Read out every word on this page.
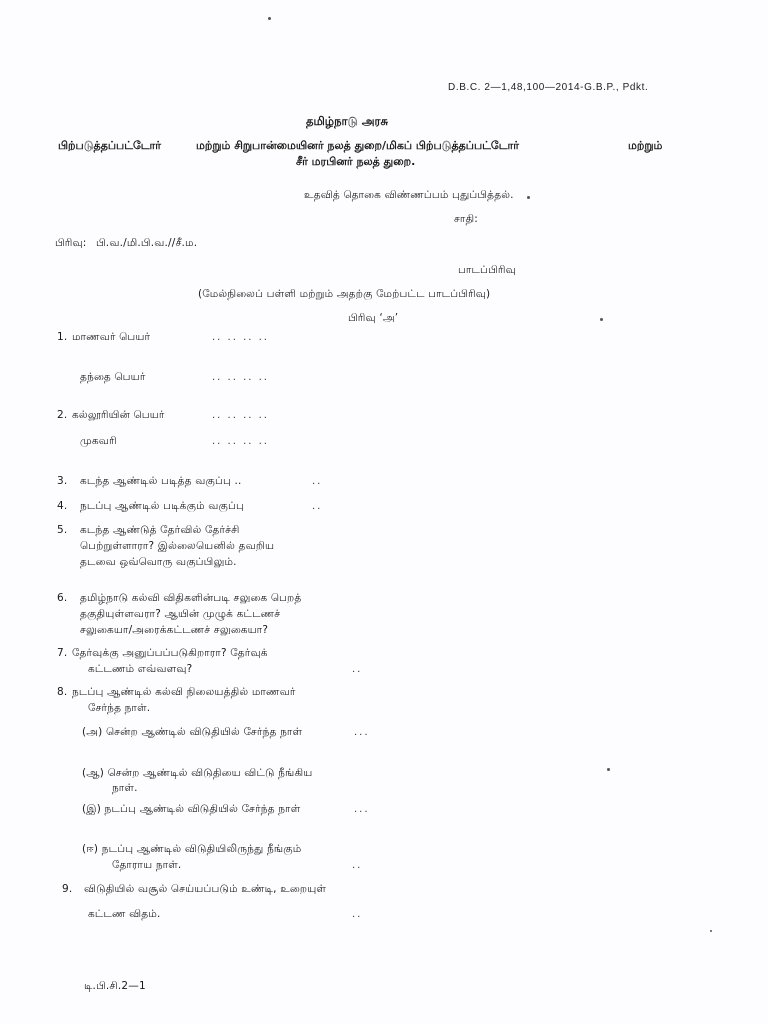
D.B.C. 2—1,48,100—2014-G.B.P., Pdkt.
தமிழ்நாடு அரசு
பிற்படுத்தப்பட்டோர்	மற்றும் சிறுபான்மையினர் நலத் துறை/மிகப் பிற்படுத்தப்பட்டோர்	மற்றும்
சீர் மரபினர் நலத் துறை.
உதவித் தொகை விண்ணப்பம் புதுப்பித்தல்.
சாதி:
பிரிவு: பி.வ./மி.பி.வ.//சீ.ம.
பாடப்பிரிவு
(மேல்நிலைப் பள்ளி மற்றும் அதற்கு மேற்பட்ட பாடப்பிரிவு)
பிரிவு ‘அ’
1. மாணவர் பெயர்	.. .. .. ..
தந்தை பெயர்	.. .. .. ..
2. கல்லூரியின் பெயர்	.. .. .. ..
முகவரி	.. .. .. ..
3. கடந்த ஆண்டில் படித்த வகுப்பு ..	..
4. நடப்பு ஆண்டில் படிக்கும் வகுப்பு	..
5. கடந்த ஆண்டுத் தேர்வில் தேர்ச்சி
பெற்றுள்ளாரா? இல்லையெனில் தவறிய
தடவை ஒவ்வொரு வகுப்பிலும்.
6. தமிழ்நாடு கல்வி விதிகளின்படி சலுகை பெறத்
தகுதியுள்ளவரா? ஆயின் முழுக் கட்டணச்
சலுகையா/அரைக்கட்டணச் சலுகையா?
7. தேர்வுக்கு அனுப்பப்படுகிறாரா? தேர்வுக்
கட்டணம் எவ்வளவு?	..
8. நடப்பு ஆண்டில் கல்வி நிலையத்தில் மாணவர்
சேர்ந்த நாள்.
(அ) சென்ற ஆண்டில் விடுதியில் சேர்ந்த நாள்	...
(ஆ) சென்ற ஆண்டில் விடுதியை விட்டு நீங்கிய
நாள்.
(இ) நடப்பு ஆண்டில் விடுதியில் சேர்ந்த நாள்	...
(ஈ) நடப்பு ஆண்டில் விடுதியிலிருந்து நீங்கும்
தோராய நாள்.	..
9. விடுதியில் வசூல் செய்யப்படும் உண்டி, உறையுள்
கட்டண விதம்.	..
டி.பி.சி.2—1
